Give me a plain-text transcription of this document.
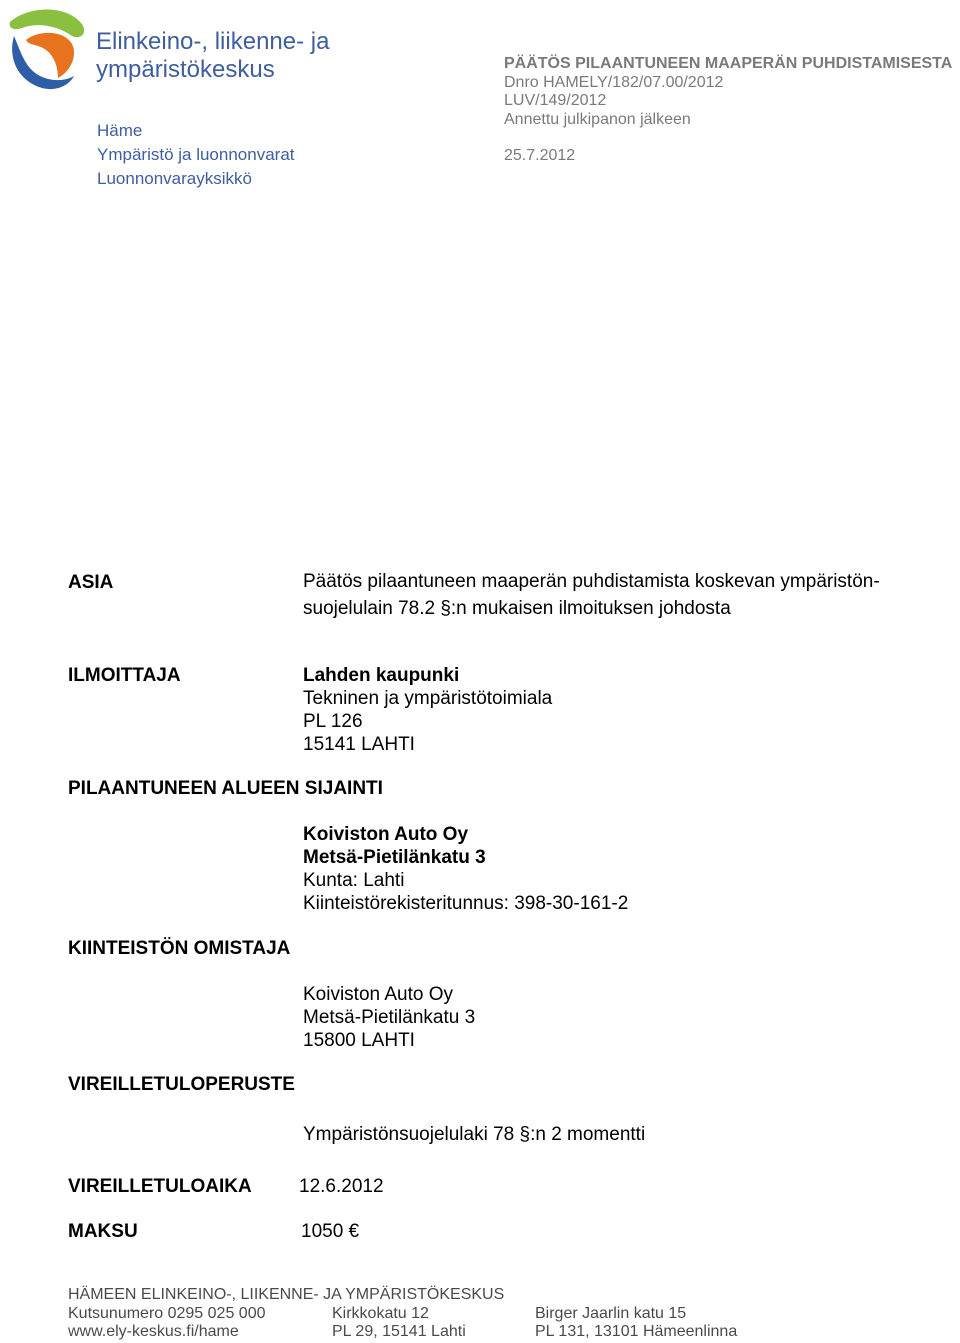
Elinkeino-, liikenne- ja
ympäristökeskus
Häme
Ympäristö ja luonnonvarat
Luonnonvarayksikkö
PÄÄTÖS PILAANTUNEEN MAAPERÄN PUHDISTAMISESTA
Dnro HAMELY/182/07.00/2012
LUV/149/2012
Annettu julkipanon jälkeen
25.7.2012
ASIA	Päätös pilaantuneen maaperän puhdistamista koskevan ympäristön-
suojelulain 78.2 §:n mukaisen ilmoituksen johdosta
ILMOITTAJA	Lahden kaupunki
Tekninen ja ympäristötoimiala
PL 126
15141 LAHTI
PILAANTUNEEN ALUEEN SIJAINTI
Koiviston Auto Oy
Metsä-Pietilänkatu 3
Kunta: Lahti
Kiinteistörekisteritunnus: 398-30-161-2
KIINTEISTÖN OMISTAJA
Koiviston Auto Oy
Metsä-Pietilänkatu 3
15800 LAHTI
VIREILLETULOPERUSTE
Ympäristönsuojelulaki 78 §:n 2 momentti
VIREILLETULOAIKA 12.6.2012
MAKSU	1050 €
HÄMEEN ELINKEINO-, LIIKENNE- JA YMPÄRISTÖKESKUS
Kutsunumero 0295 025 000
www.ely-keskus.fi/hame
Kirkkokatu 12
PL 29, 15141 Lahti
Birger Jaarlin katu 15
PL 131, 13101 Hämeenlinna
